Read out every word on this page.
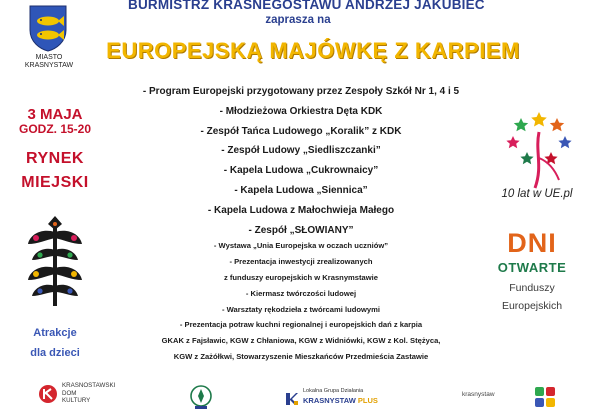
BURMISTRZ KRASNEGOSTAWU ANDRZEJ JAKUBIEC
zaprasza na
EUROPEJSKĄ MAJÓWKĘ Z KARPIEM
MIASTO
KRASNYSTAW
3 MAJA
GODZ. 15-20
RYNEK
MIEJSKI
Atrakcje
dla dzieci
- Program Europejski przygotowany przez Zespoły Szkół Nr 1, 4 i 5
- Młodzieżowa Orkiestra Dęta KDK
- Zespół Tańca Ludowego „Koralik” z KDK
- Zespół Ludowy „Siedliszczanki”
- Kapela Ludowa „Cukrownaicy”
- Kapela Ludowa „Siennica”
- Kapela Ludowa z Małochwieja Małego
- Zespół „SŁOWIANY”
- Wystawa „Unia Europejska w oczach uczniów”
- Prezentacja inwestycji zrealizowanych
z funduszy europejskich w Krasnymstawie
- Kiermasz twórczości ludowej
- Warsztaty rękodzieła z twórcami ludowymi
- Prezentacja potraw kuchni regionalnej i europejskich dań z karpia
GKAK z Fajsławic, KGW z Chłaniowa, KGW z Widniówki, KGW z Kol. Stężyca,
KGW z Zażółkwi, Stowarzyszenie Mieszkańców Przedmieścia Zastawie
10 lat w UE.pl
DNI
OTWARTE
Funduszy
Europejskich
KRASNOSTAWSKI
DOM
KULTURY
Lokalna Grupa Działania
KRASNYSTAW PLUS
krasnystaw
